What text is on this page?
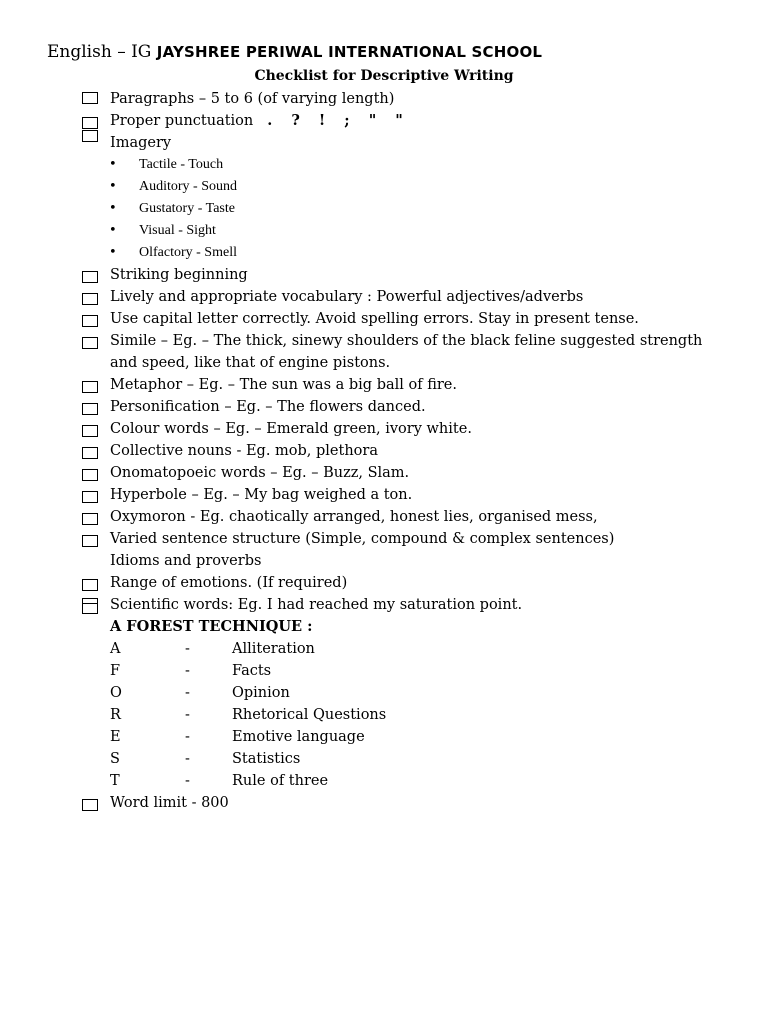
English – IG JAYSHREE PERIWAL INTERNATIONAL SCHOOL
Checklist for Descriptive Writing
Paragraphs – 5 to 6 (of varying length)
Proper punctuation . ? ! ; " "
Imagery
• Tactile - Touch
• Auditory - Sound
• Gustatory - Taste
• Visual - Sight
• Olfactory - Smell
Striking beginning
Lively and appropriate vocabulary : Powerful adjectives/adverbs
Use capital letter correctly. Avoid spelling errors. Stay in present tense.
Simile – Eg. – The thick, sinewy shoulders of the black feline suggested strength and speed, like that of engine pistons.
Metaphor – Eg. – The sun was a big ball of fire.
Personification – Eg. – The flowers danced.
Colour words – Eg. – Emerald green, ivory white.
Collective nouns - Eg. mob, plethora
Onomatopoeic words – Eg. – Buzz, Slam.
Hyperbole – Eg. – My bag weighed a ton.
Oxymoron - Eg. chaotically arranged, honest lies, organised mess,
Varied sentence structure (Simple, compound & complex sentences)
Idioms and proverbs
Range of emotions. (If required)
Scientific words: Eg. I had reached my saturation point.
A FOREST TECHNIQUE :
A	-	Alliteration
F	-	Facts
O	-	Opinion
R	-	Rhetorical Questions
E	-	Emotive language
S	-	Statistics
T	-	Rule of three
Word limit - 800
